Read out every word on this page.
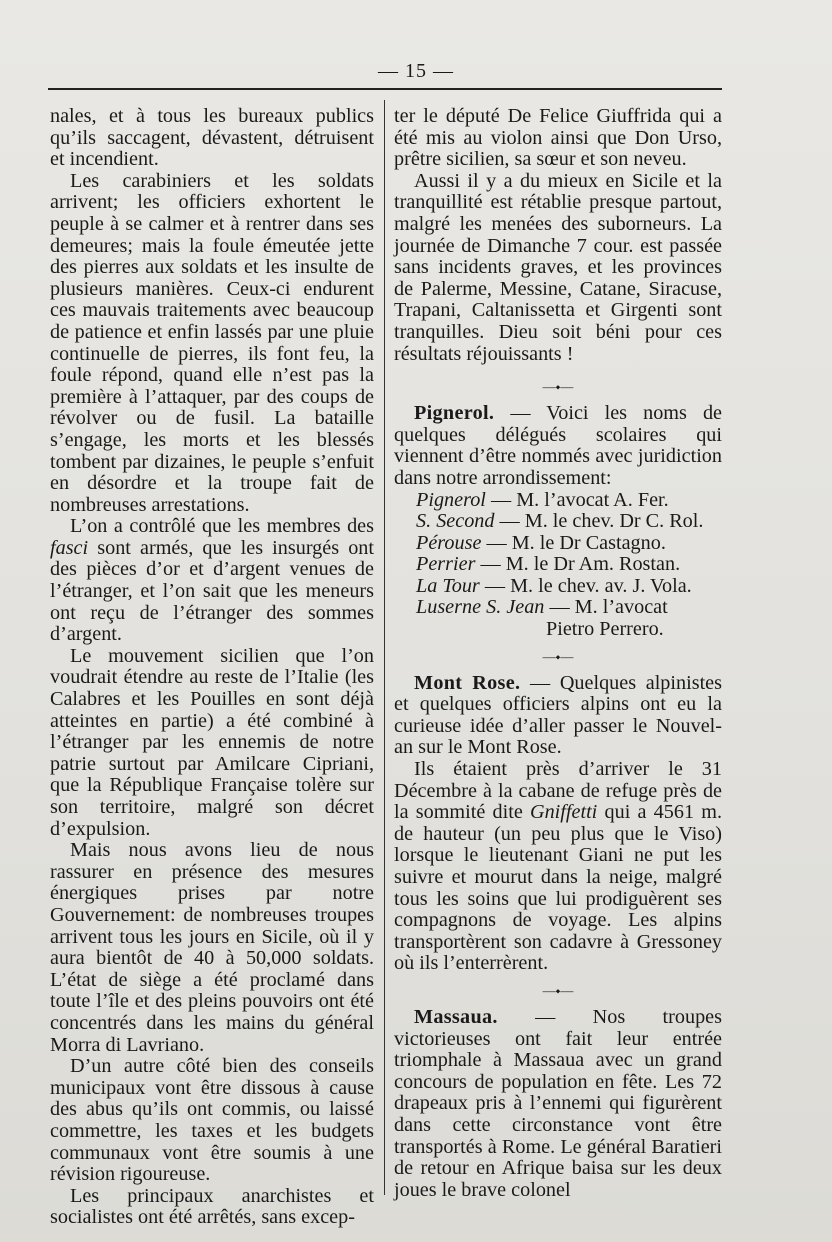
— 15 —

nales, et à tous les bureaux publics qu’ils saccagent, dévastent, détruisent et incendient.

Les carabiniers et les soldats arrivent; les officiers exhortent le peuple à se calmer et à rentrer dans ses demeures; mais la foule émeutée jette des pierres aux soldats et les insulte de plusieurs manières. Ceux-ci endurent ces mauvais traitements avec beaucoup de patience et enfin lassés par une pluie continuelle de pierres, ils font feu, la foule répond, quand elle n’est pas la première à l’attaquer, par des coups de révolver ou de fusil. La bataille s’engage, les morts et les blessés tombent par dizaines, le peuple s’enfuit en désordre et la troupe fait de nombreuses arrestations.

L’on a contrôlé que les membres des fasci sont armés, que les insurgés ont des pièces d’or et d’argent venues de l’étranger, et l’on sait que les meneurs ont reçu de l’étranger des sommes d’argent.

Le mouvement sicilien que l’on voudrait étendre au reste de l’Italie (les Calabres et les Pouilles en sont déjà atteintes en partie) a été combiné à l’étranger par les ennemis de notre patrie surtout par Amilcare Cipriani, que la République Française tolère sur son territoire, malgré son décret d’expulsion.

Mais nous avons lieu de nous rassurer en présence des mesures énergiques prises par notre Gouvernement: de nombreuses troupes arrivent tous les jours en Sicile, où il y aura bientôt de 40 à 50,000 soldats. L’état de siège a été proclamé dans toute l’île et des pleins pouvoirs ont été concentrés dans les mains du général Morra di Lavriano.

D’un autre côté bien des conseils municipaux vont être dissous à cause des abus qu’ils ont commis, ou laissé commettre, les taxes et les budgets communaux vont être soumis à une révision rigoureuse.

Les principaux anarchistes et socialistes ont été arrêtés, sans excep-

ter le député De Felice Giuffrida qui a été mis au violon ainsi que Don Urso, prêtre sicilien, sa sœur et son neveu.

Aussi il y a du mieux en Sicile et la tranquillité est rétablie presque partout, malgré les menées des suborneurs. La journée de Dimanche 7 cour. est passée sans incidents graves, et les provinces de Palerme, Messine, Catane, Siracuse, Trapani, Caltanissetta et Girgenti sont tranquilles. Dieu soit béni pour ces résultats réjouissants !

—⬩—

Pignerol. — Voici les noms de quelques délégués scolaires qui viennent d’être nommés avec juridiction dans notre arrondissement:

Pignerol — M. l’avocat A. Fer.
S. Second — M. le chev. Dr C. Rol.
Pérouse — M. le Dr Castagno.
Perrier — M. le Dr Am. Rostan.
La Tour — M. le chev. av. J. Vola.
Luserne S. Jean — M. l’avocat
Pietro Perrero.
—⬩—

Mont Rose. — Quelques alpinistes et quelques officiers alpins ont eu la curieuse idée d’aller passer le Nouvel-an sur le Mont Rose.

Ils étaient près d’arriver le 31 Décembre à la cabane de refuge près de la sommité dite Gniffetti qui a 4561 m. de hauteur (un peu plus que le Viso) lorsque le lieutenant Giani ne put les suivre et mourut dans la neige, malgré tous les soins que lui prodiguèrent ses compagnons de voyage. Les alpins transportèrent son cadavre à Gressoney où ils l’enterrèrent.

—⬩—

Massaua. — Nos troupes victorieuses ont fait leur entrée triomphale à Massaua avec un grand concours de population en fête. Les 72 drapeaux pris à l’ennemi qui figurèrent dans cette circonstance vont être transportés à Rome. Le général Baratieri de retour en Afrique baisa sur les deux joues le brave colonel
